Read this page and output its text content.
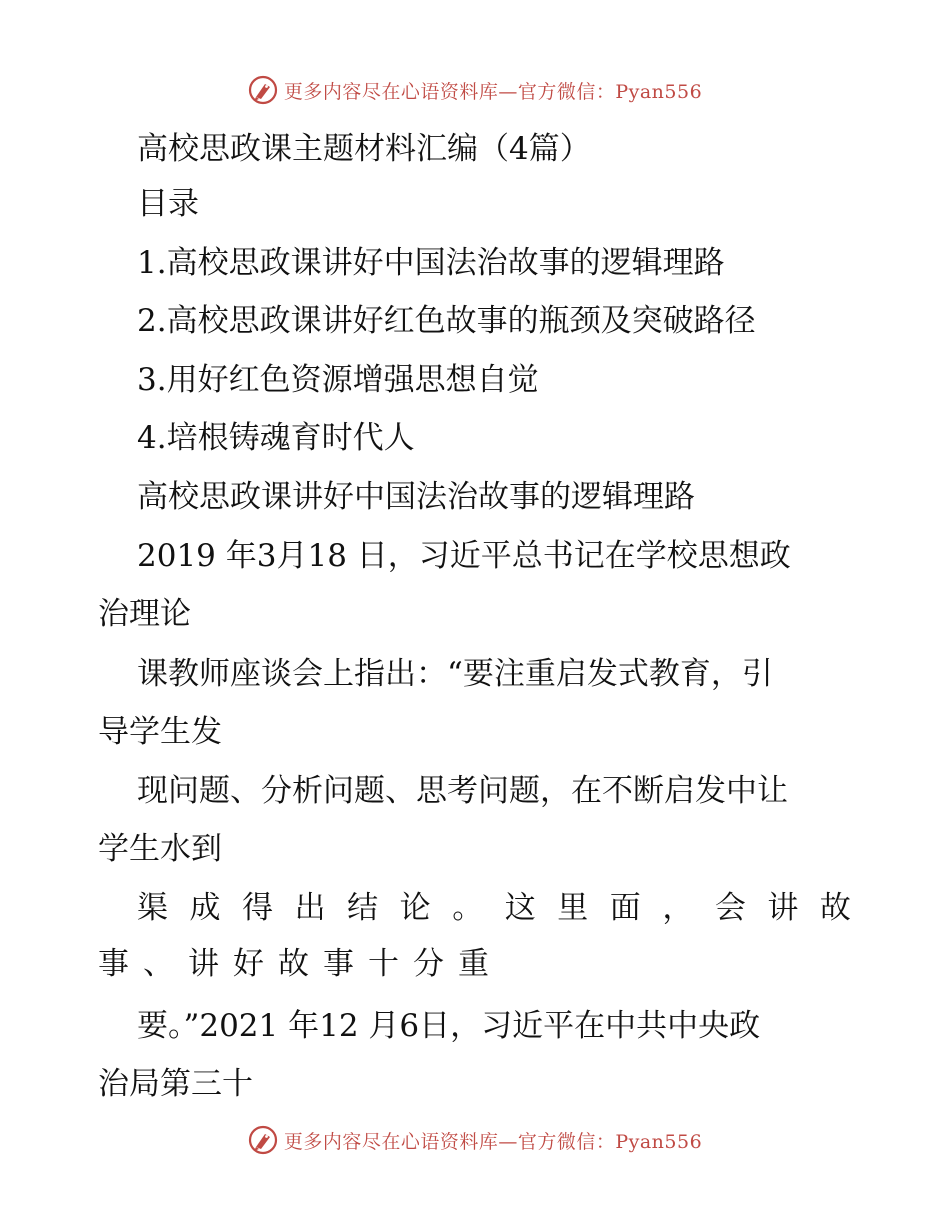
更多内容尽在心语资料库—官方微信：Pyan556
高校思政课主题材料汇编（4篇）
目录
1.高校思政课讲好中国法治故事的逻辑理路
2.高校思政课讲好红色故事的瓶颈及突破路径
3.用好红色资源增强思想自觉
4.培根铸魂育时代人
高校思政课讲好中国法治故事的逻辑理路
2019 年3月18 日，习近平总书记在学校思想政
治理论
课教师座谈会上指出：“要注重启发式教育，引
导学生发
现问题、分析问题、思考问题，在不断启发中让
学生水到
渠 成 得 出 结 论 。 这 里 面 ， 会 讲 故
事、讲好故事十分重
要。”2021 年12 月6日，习近平在中共中央政
治局第三十
更多内容尽在心语资料库—官方微信：Pyan556
